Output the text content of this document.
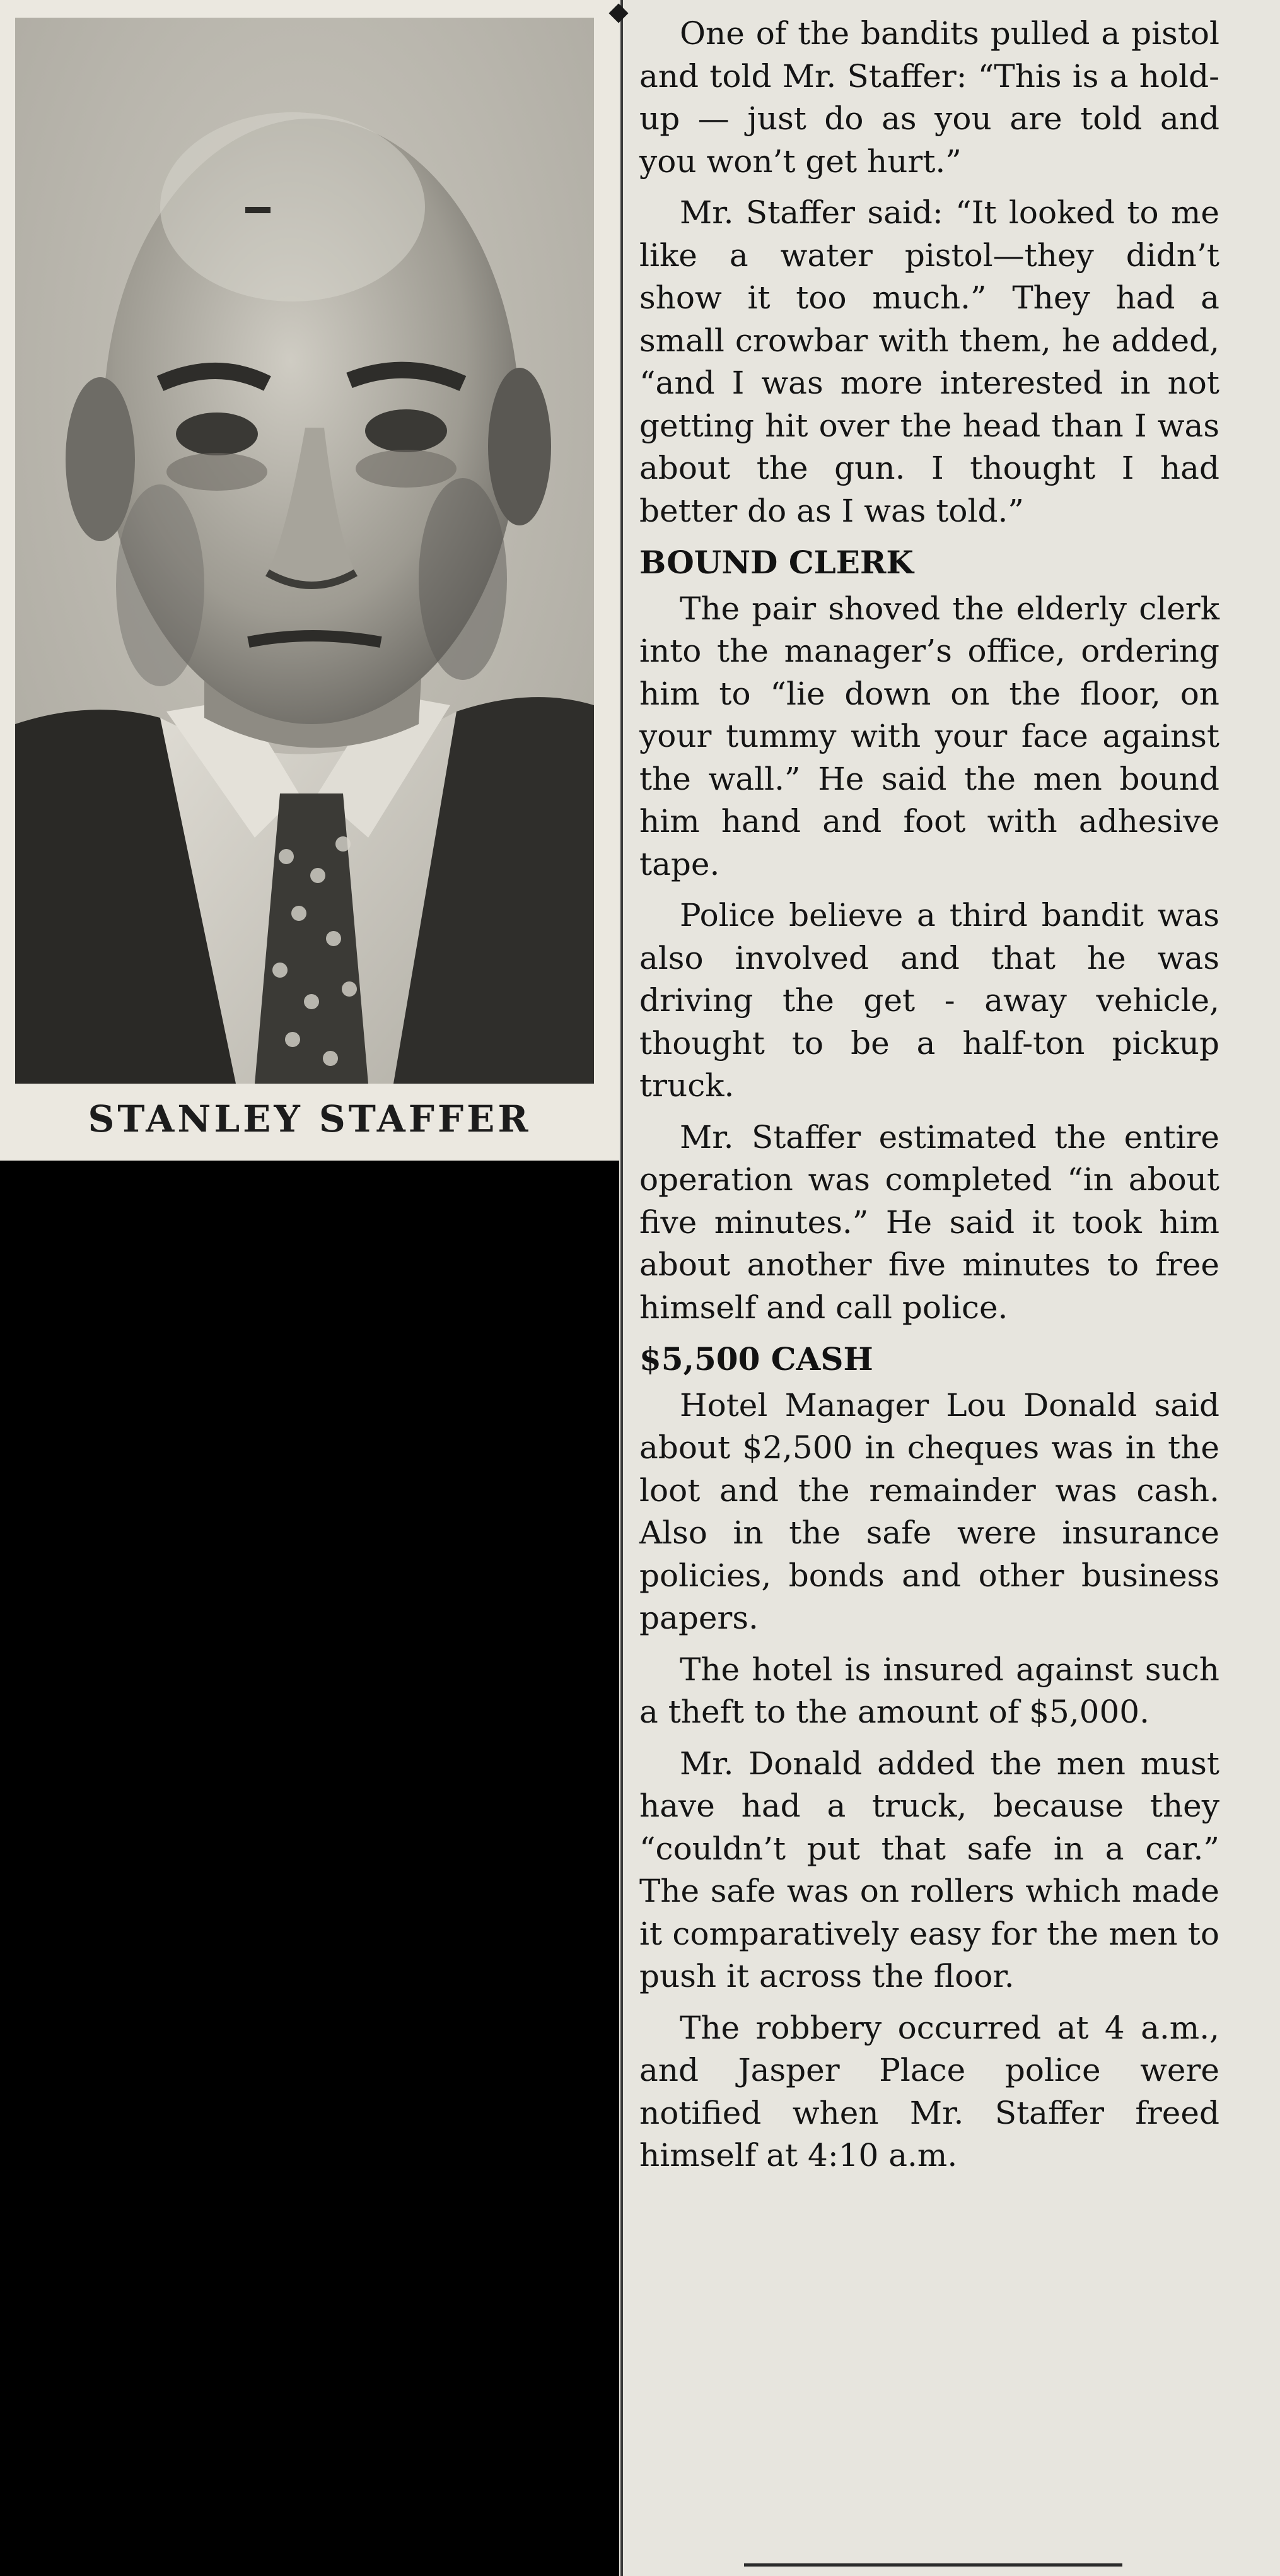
STANLEY STAFFER

One of the bandits pulled a pistol and told Mr. Staffer: “This is a hold-up — just do as you are told and you won’t get hurt.”

Mr. Staffer said: “It looked to me like a water pistol—they didn’t show it too much.” They had a small crowbar with them, he added, “and I was more interested in not getting hit over the head than I was about the gun. I thought I had better do as I was told.”

BOUND CLERK

The pair shoved the elderly clerk into the manager’s office, ordering him to “lie down on the floor, on your tummy with your face against the wall.” He said the men bound him hand and foot with adhesive tape.

Police believe a third bandit was also involved and that he was driving the get - away vehicle, thought to be a half-ton pickup truck.

Mr. Staffer estimated the entire operation was completed “in about five minutes.” He said it took him about another five minutes to free himself and call police.

$5,500 CASH

Hotel Manager Lou Donald said about $2,500 in cheques was in the loot and the remainder was cash. Also in the safe were insurance policies, bonds and other business papers.

The hotel is insured against such a theft to the amount of $5,000.

Mr. Donald added the men must have had a truck, because they “couldn’t put that safe in a car.” The safe was on rollers which made it comparatively easy for the men to push it across the floor.

The robbery occurred at 4 a.m., and Jasper Place police were notified when Mr. Staffer freed himself at 4:10 a.m.
